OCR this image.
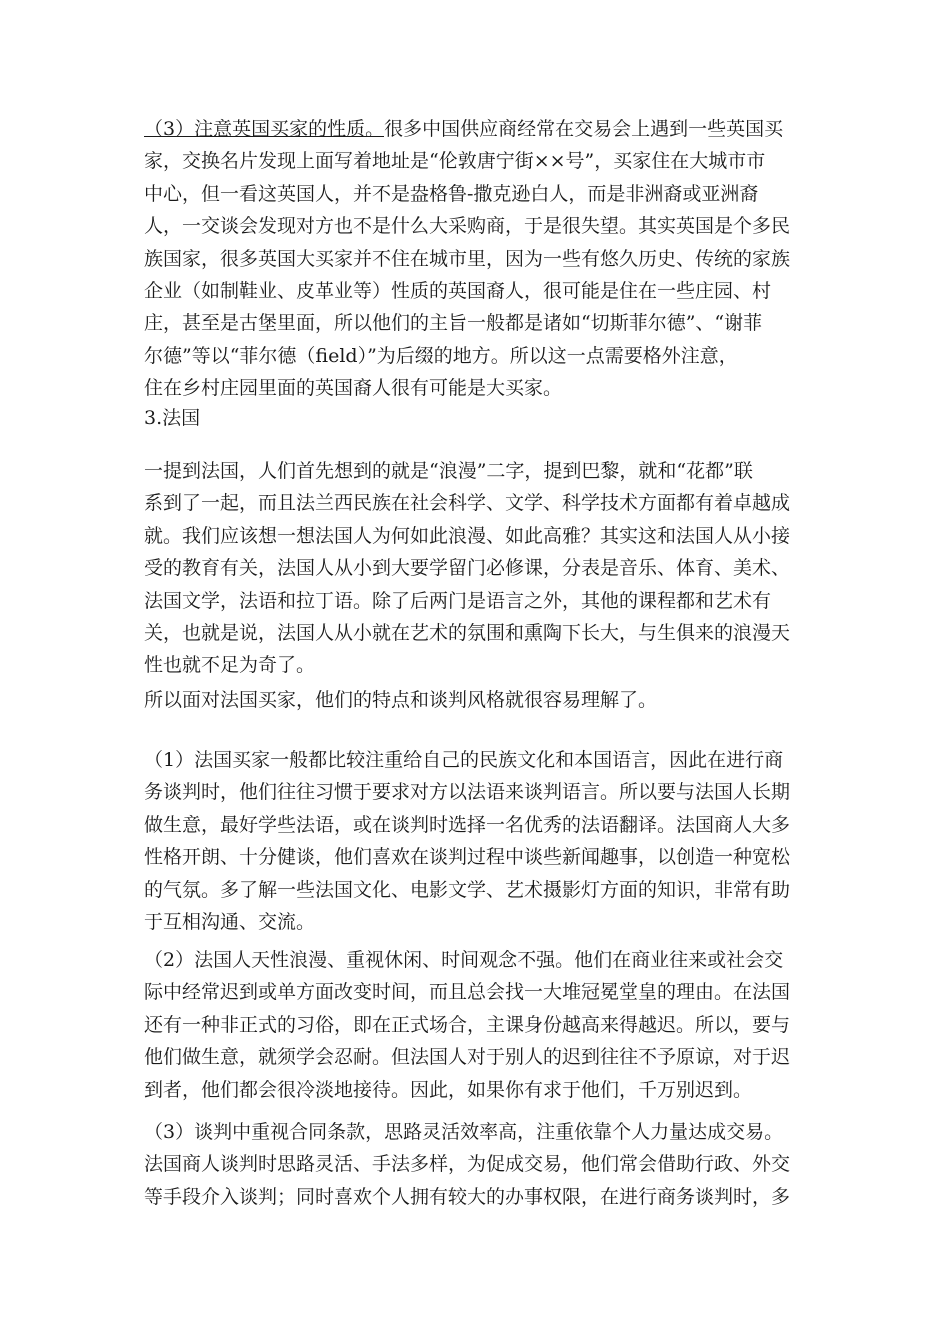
（3）注意英国买家的性质。很多中国供应商经常在交易会上遇到一些英国买
家，交换名片发现上面写着地址是“伦敦唐宁街××号”，买家住在大城市市
中心，但一看这英国人，并不是盎格鲁-撒克逊白人，而是非洲裔或亚洲裔
人，一交谈会发现对方也不是什么大采购商，于是很失望。其实英国是个多民
族国家，很多英国大买家并不住在城市里，因为一些有悠久历史、传统的家族
企业（如制鞋业、皮革业等）性质的英国裔人，很可能是住在一些庄园、村
庄，甚至是古堡里面，所以他们的主旨一般都是诸如“切斯菲尔德”、“谢菲
尔德”等以“菲尔德（field）”为后缀的地方。所以这一点需要格外注意，
住在乡村庄园里面的英国裔人很有可能是大买家。
3.法国
一提到法国，人们首先想到的就是“浪漫”二字，提到巴黎，就和“花都”联
系到了一起，而且法兰西民族在社会科学、文学、科学技术方面都有着卓越成
就。我们应该想一想法国人为何如此浪漫、如此高雅？其实这和法国人从小接
受的教育有关，法国人从小到大要学留门必修课，分表是音乐、体育、美术、
法国文学，法语和拉丁语。除了后两门是语言之外，其他的课程都和艺术有
关，也就是说，法国人从小就在艺术的氛围和熏陶下长大，与生俱来的浪漫天
性也就不足为奇了。
所以面对法国买家，他们的特点和谈判风格就很容易理解了。
（1）法国买家一般都比较注重给自己的民族文化和本国语言，因此在进行商
务谈判时，他们往往习惯于要求对方以法语来谈判语言。所以要与法国人长期
做生意，最好学些法语，或在谈判时选择一名优秀的法语翻译。法国商人大多
性格开朗、十分健谈，他们喜欢在谈判过程中谈些新闻趣事，以创造一种宽松
的气氛。多了解一些法国文化、电影文学、艺术摄影灯方面的知识，非常有助
于互相沟通、交流。
（2）法国人天性浪漫、重视休闲、时间观念不强。他们在商业往来或社会交
际中经常迟到或单方面改变时间，而且总会找一大堆冠冕堂皇的理由。在法国
还有一种非正式的习俗，即在正式场合，主课身份越高来得越迟。所以，要与
他们做生意，就须学会忍耐。但法国人对于别人的迟到往往不予原谅，对于迟
到者，他们都会很冷淡地接待。因此，如果你有求于他们，千万别迟到。
（3）谈判中重视合同条款，思路灵活效率高，注重依靠个人力量达成交易。
法国商人谈判时思路灵活、手法多样，为促成交易，他们常会借助行政、外交
等手段介入谈判；同时喜欢个人拥有较大的办事权限，在进行商务谈判时，多
